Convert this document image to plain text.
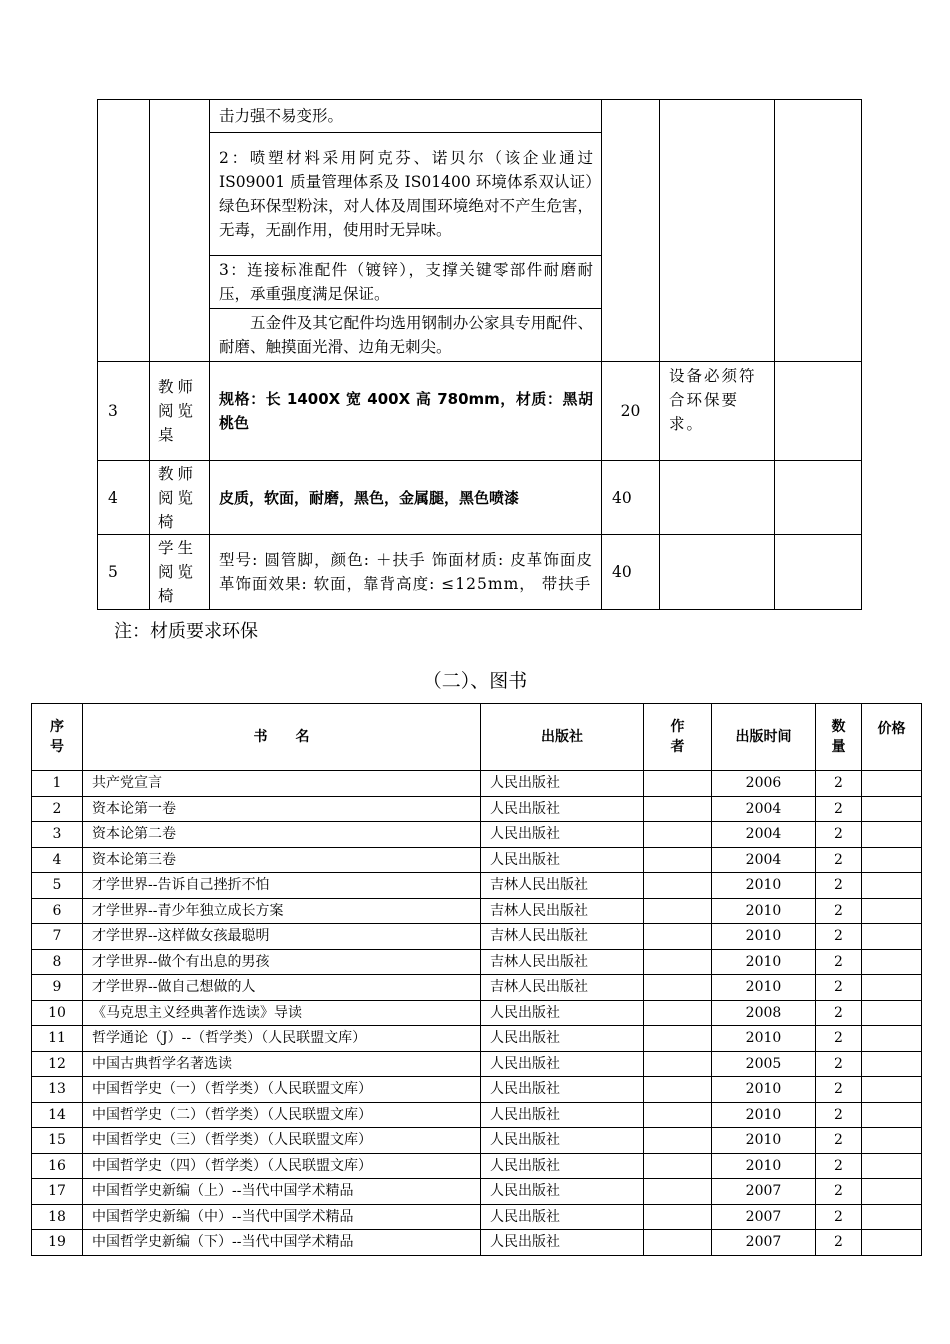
		击力强不易变形。			
		2：喷塑材料采用阿克芬、诺贝尔（该企业通过 IS09001 质量管理体系及 IS01400 环境体系双认证）绿色环保型粉沫，对人体及周围环境绝对不产生危害，无毒，无副作用，使用时无异味。			
		3：连接标准配件（镀锌），支撑关键零部件耐磨耐压，承重强度满足保证。			
		五金件及其它配件均选用钢制办公家具专用配件、耐磨、触摸面光滑、边角无刺尖。			
3	教师阅览桌	规格：长 1400X 宽 400X 高 780mm，材质：黑胡桃色	20	设备必须符合环保要求。	
4	教师阅览椅	皮质，软面，耐磨，黑色，金属腿，黑色喷漆	40		
5	学生阅览椅	型号: 圆管脚，颜色: ＋扶手 饰面材质: 皮革饰面皮革饰面效果: 软面，靠背高度: ≤125mm， 带扶手	40		

注：材质要求环保

（二）、图书

序号	书　　名	出版社	作者	出版时间	数量	价格
1	共产党宣言	人民出版社		2006	2	
2	资本论第一卷	人民出版社		2004	2	
3	资本论第二卷	人民出版社		2004	2	
4	资本论第三卷	人民出版社		2004	2	
5	才学世界--告诉自己挫折不怕	吉林人民出版社		2010	2	
6	才学世界--青少年独立成长方案	吉林人民出版社		2010	2	
7	才学世界--这样做女孩最聪明	吉林人民出版社		2010	2	
8	才学世界--做个有出息的男孩	吉林人民出版社		2010	2	
9	才学世界--做自己想做的人	吉林人民出版社		2010	2	
10	《马克思主义经典著作选读》导读	人民出版社		2008	2	
11	哲学通论（J）--（哲学类）（人民联盟文库）	人民出版社		2010	2	
12	中国古典哲学名著选读	人民出版社		2005	2	
13	中国哲学史（一）（哲学类）（人民联盟文库）	人民出版社		2010	2	
14	中国哲学史（二）（哲学类）（人民联盟文库）	人民出版社		2010	2	
15	中国哲学史（三）（哲学类）（人民联盟文库）	人民出版社		2010	2	
16	中国哲学史（四）（哲学类）（人民联盟文库）	人民出版社		2010	2	
17	中国哲学史新编（上）--当代中国学术精品	人民出版社		2007	2	
18	中国哲学史新编（中）--当代中国学术精品	人民出版社		2007	2	
19	中国哲学史新编（下）--当代中国学术精品	人民出版社		2007	2	
